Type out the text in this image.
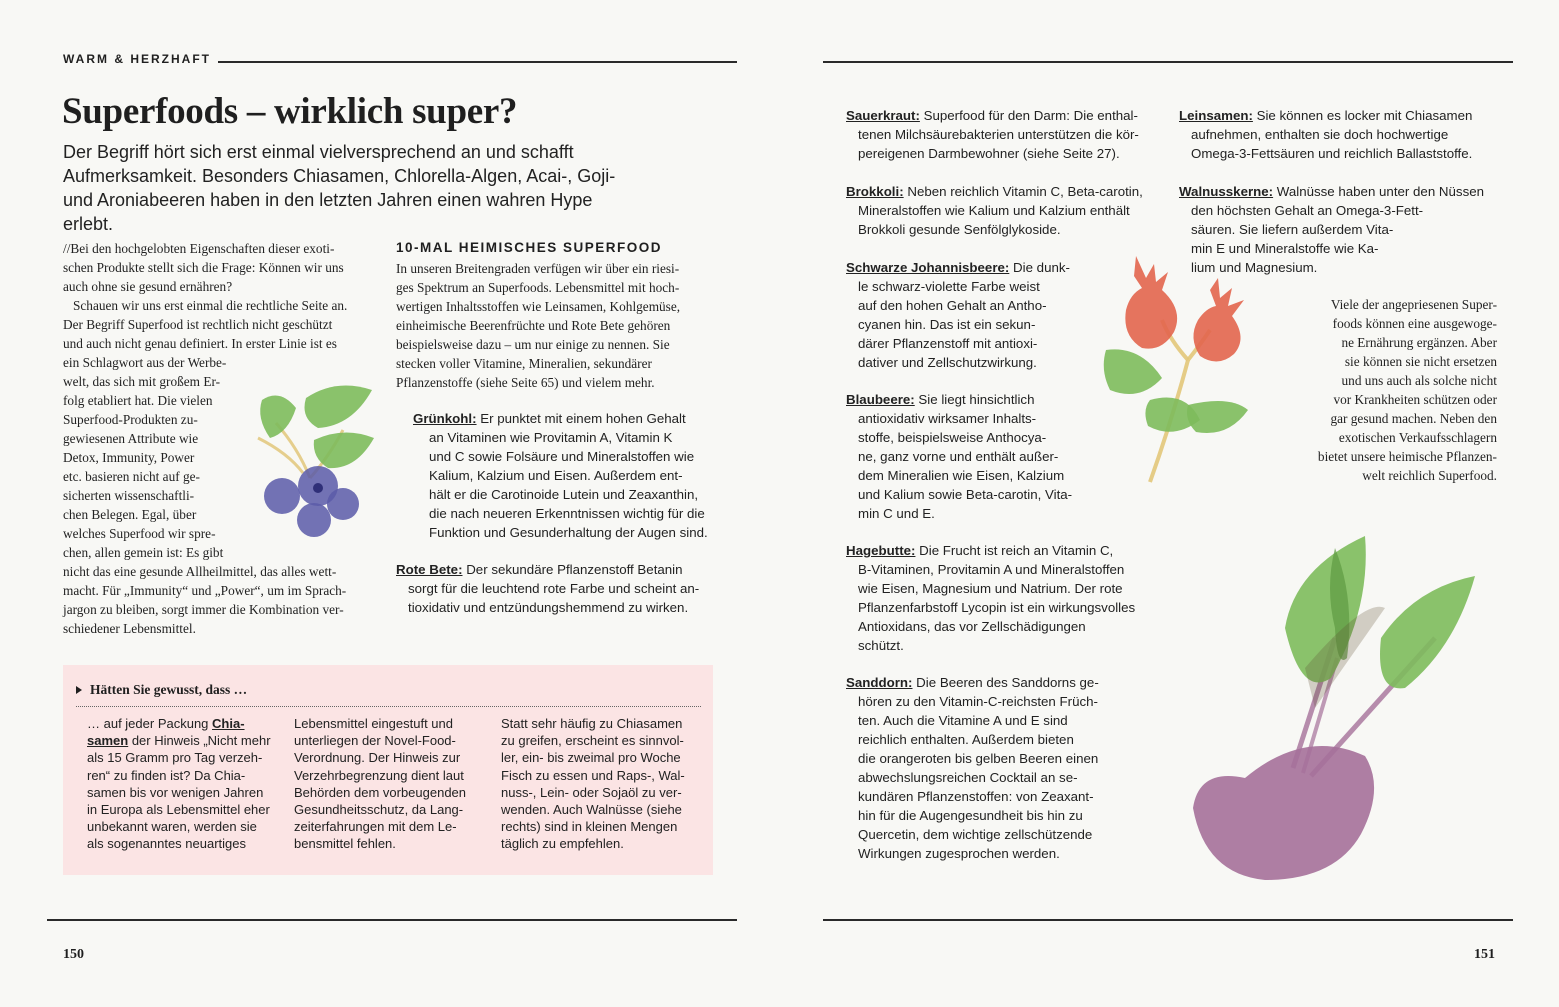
WARM & HERZHAFT
Superfoods – wirklich super?
Der Begriff hört sich erst einmal vielversprechend an und schafft Aufmerksamkeit. Besonders Chiasamen, Chlorella-Algen, Acai-, Goji- und Aroniabeeren haben in den letzten Jahren einen wahren Hype erlebt.
//Bei den hochgelobten Eigenschaften dieser exoti-
schen Produkte stellt sich die Frage: Können wir uns
auch ohne sie gesund ernähren?
Schauen wir uns erst einmal die rechtliche Seite an.
Der Begriff Superfood ist rechtlich nicht geschützt
und auch nicht genau definiert. In erster Linie ist es
ein Schlagwort aus der Werbe-
welt, das sich mit großem Er-
folg etabliert hat. Die vielen
Superfood-Produkten zu-
gewiesenen Attribute wie
Detox, Immunity, Power
etc. basieren nicht auf ge-
sicherten wissenschaftli-
chen Belegen. Egal, über
welches Superfood wir spre-
chen, allen gemein ist: Es gibt
nicht das eine gesunde Allheilmittel, das alles wett-
macht. Für „Immunity“ und „Power“, um im Sprach-
jargon zu bleiben, sorgt immer die Kombination ver-
schiedener Lebensmittel.
10-MAL HEIMISCHES SUPERFOOD
In unseren Breitengraden verfügen wir über ein riesi-
ges Spektrum an Superfoods. Lebensmittel mit hoch-
wertigen Inhaltsstoffen wie Leinsamen, Kohlgemüse,
einheimische Beerenfrüchte und Rote Bete gehören
beispielsweise dazu – um nur einige zu nennen. Sie
stecken voller Vitamine, Mineralien, sekundärer
Pflanzenstoffe (siehe Seite 65) und vielem mehr.
Grünkohl: Er punktet mit einem hohen Gehalt
an Vitaminen wie Provitamin A, Vitamin K
und C sowie Folsäure und Mineralstoffen wie
Kalium, Kalzium und Eisen. Außerdem ent-
hält er die Carotinoide Lutein und Zeaxanthin,
die nach neueren Erkenntnissen wichtig für die
Funktion und Gesunderhaltung der Augen sind.
Rote Bete: Der sekundäre Pflanzenstoff Betanin
sorgt für die leuchtend rote Farbe und scheint an-
tioxidativ und entzündungshemmend zu wirken.
Hätten Sie gewusst, dass …
… auf jeder Packung Chia-
samen der Hinweis „Nicht mehr
als 15 Gramm pro Tag verzeh-
ren“ zu finden ist? Da Chia-
samen bis vor wenigen Jahren
in Europa als Lebensmittel eher
unbekannt waren, werden sie
als sogenanntes neuartiges
Lebensmittel eingestuft und
unterliegen der Novel-Food-
Verordnung. Der Hinweis zur
Verzehrbegrenzung dient laut
Behörden dem vorbeugenden
Gesundheitsschutz, da Lang-
zeiterfahrungen mit dem Le-
bensmittel fehlen.
Statt sehr häufig zu Chiasamen
zu greifen, erscheint es sinnvol-
ler, ein- bis zweimal pro Woche
Fisch zu essen und Raps-, Wal-
nuss-, Lein- oder Sojaöl zu ver-
wenden. Auch Walnüsse (siehe
rechts) sind in kleinen Mengen
täglich zu empfehlen.
150
Sauerkraut: Superfood für den Darm: Die enthal-
tenen Milchsäurebakterien unterstützen die kör-
pereigenen Darmbewohner (siehe Seite 27).
Brokkoli: Neben reichlich Vitamin C, Beta-carotin,
Mineralstoffen wie Kalium und Kalzium enthält
Brokkoli gesunde Senfölglykoside.
Schwarze Johannisbeere: Die dunk-
le schwarz-violette Farbe weist
auf den hohen Gehalt an Antho-
cyanen hin. Das ist ein sekun-
därer Pflanzenstoff mit antioxi-
dativer und Zellschutzwirkung.
Blaubeere: Sie liegt hinsichtlich
antioxidativ wirksamer Inhalts-
stoffe, beispielsweise Anthocya-
ne, ganz vorne und enthält außer-
dem Mineralien wie Eisen, Kalzium
und Kalium sowie Beta-carotin, Vita-
min C und E.
Hagebutte: Die Frucht ist reich an Vitamin C,
B-Vitaminen, Provitamin A und Mineralstoffen
wie Eisen, Magnesium und Natrium. Der rote
Pflanzenfarbstoff Lycopin ist ein wirkungsvolles
Antioxidans, das vor Zellschädigungen
schützt.
Sanddorn: Die Beeren des Sanddorns ge-
hören zu den Vitamin-C-reichsten Früch-
ten. Auch die Vitamine A und E sind
reichlich enthalten. Außerdem bieten
die orangeroten bis gelben Beeren einen
abwechslungsreichen Cocktail an se-
kundären Pflanzenstoffen: von Zeaxant-
hin für die Augengesundheit bis hin zu
Quercetin, dem wichtige zellschützende
Wirkungen zugesprochen werden.
Leinsamen: Sie können es locker mit Chiasamen
aufnehmen, enthalten sie doch hochwertige
Omega-3-Fettsäuren und reichlich Ballaststoffe.
Walnusskerne: Walnüsse haben unter den Nüssen
den höchsten Gehalt an Omega-3-Fett-
säuren. Sie liefern außerdem Vita-
min E und Mineralstoffe wie Ka-
lium und Magnesium.
Viele der angepriesenen Super-
foods können eine ausgewoge-
ne Ernährung ergänzen. Aber
sie können sie nicht ersetzen
und uns auch als solche nicht
vor Krankheiten schützen oder
gar gesund machen. Neben den
exotischen Verkaufsschlagern
bietet unsere heimische Pflanzen-
welt reichlich Superfood.
151
